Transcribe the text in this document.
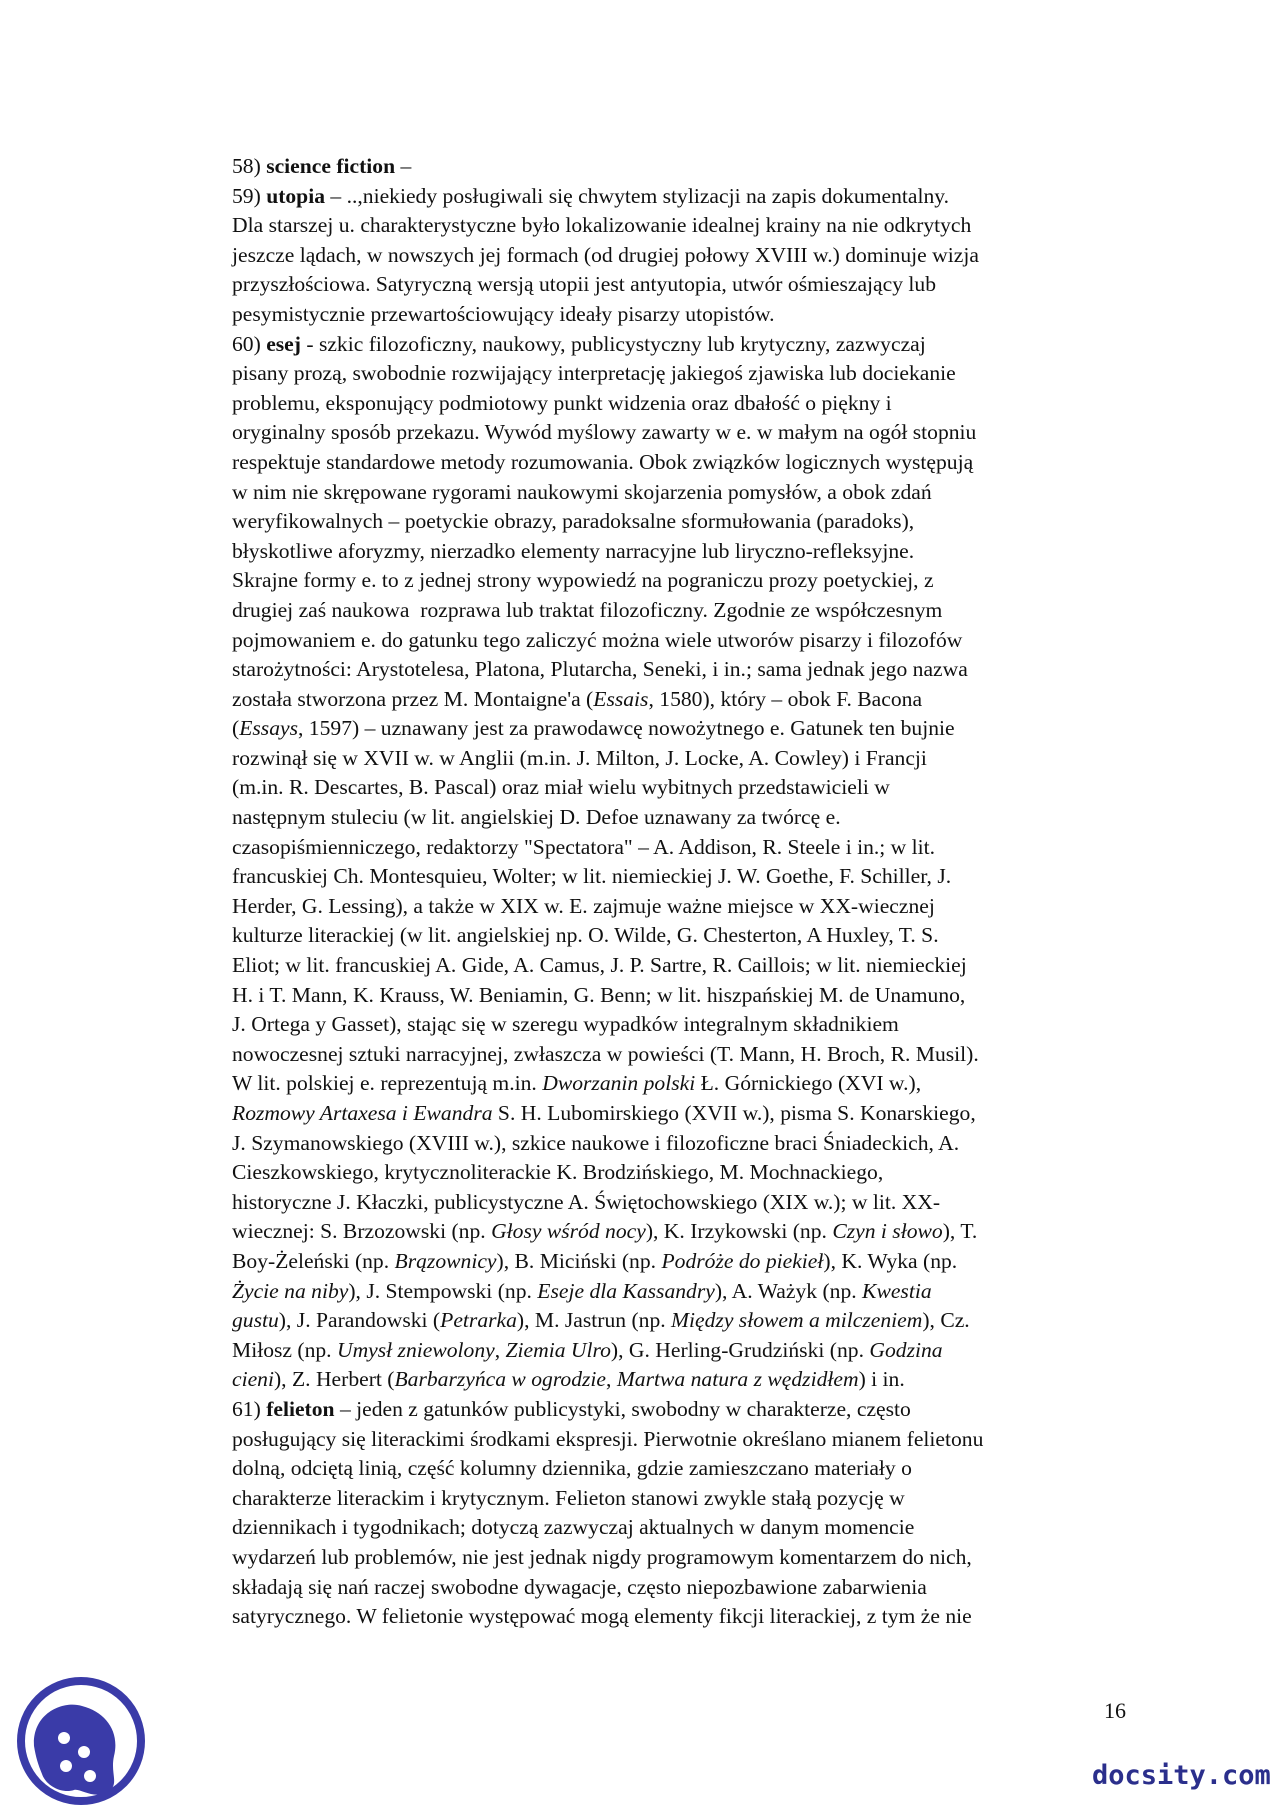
58) science fiction –
59) utopia – ..,niekiedy posługiwali się chwytem stylizacji na zapis dokumentalny.
Dla starszej u. charakterystyczne było lokalizowanie idealnej krainy na nie odkrytych
jeszcze lądach, w nowszych jej formach (od drugiej połowy XVIII w.) dominuje wizja
przyszłościowa. Satyryczną wersją utopii jest antyutopia, utwór ośmieszający lub
pesymistycznie przewartościowujący ideały pisarzy utopistów.
60) esej - szkic filozoficzny, naukowy, publicystyczny lub krytyczny, zazwyczaj
pisany prozą, swobodnie rozwijający interpretację jakiegoś zjawiska lub dociekanie
problemu, eksponujący podmiotowy punkt widzenia oraz dbałość o piękny i
oryginalny sposób przekazu. Wywód myślowy zawarty w e. w małym na ogół stopniu
respektuje standardowe metody rozumowania. Obok związków logicznych występują
w nim nie skrępowane rygorami naukowymi skojarzenia pomysłów, a obok zdań
weryfikowalnych – poetyckie obrazy, paradoksalne sformułowania (paradoks),
błyskotliwe aforyzmy, nierzadko elementy narracyjne lub liryczno-refleksyjne.
Skrajne formy e. to z jednej strony wypowiedź na pograniczu prozy poetyckiej, z
drugiej zaś naukowa  rozprawa lub traktat filozoficzny. Zgodnie ze współczesnym
pojmowaniem e. do gatunku tego zaliczyć można wiele utworów pisarzy i filozofów
starożytności: Arystotelesa, Platona, Plutarcha, Seneki, i in.; sama jednak jego nazwa
została stworzona przez M. Montaigne'a (Essais, 1580), który – obok F. Bacona
(Essays, 1597) – uznawany jest za prawodawcę nowożytnego e. Gatunek ten bujnie
rozwinął się w XVII w. w Anglii (m.in. J. Milton, J. Locke, A. Cowley) i Francji
(m.in. R. Descartes, B. Pascal) oraz miał wielu wybitnych przedstawicieli w
następnym stuleciu (w lit. angielskiej D. Defoe uznawany za twórcę e.
czasopiśmienniczego, redaktorzy "Spectatora" – A. Addison, R. Steele i in.; w lit.
francuskiej Ch. Montesquieu, Wolter; w lit. niemieckiej J. W. Goethe, F. Schiller, J.
Herder, G. Lessing), a także w XIX w. E. zajmuje ważne miejsce w XX-wiecznej
kulturze literackiej (w lit. angielskiej np. O. Wilde, G. Chesterton, A Huxley, T. S.
Eliot; w lit. francuskiej A. Gide, A. Camus, J. P. Sartre, R. Caillois; w lit. niemieckiej
H. i T. Mann, K. Krauss, W. Beniamin, G. Benn; w lit. hiszpańskiej M. de Unamuno,
J. Ortega y Gasset), stając się w szeregu wypadków integralnym składnikiem
nowoczesnej sztuki narracyjnej, zwłaszcza w powieści (T. Mann, H. Broch, R. Musil).
W lit. polskiej e. reprezentują m.in. Dworzanin polski Ł. Górnickiego (XVI w.),
Rozmowy Artaxesa i Ewandra S. H. Lubomirskiego (XVII w.), pisma S. Konarskiego,
J. Szymanowskiego (XVIII w.), szkice naukowe i filozoficzne braci Śniadeckich, A.
Cieszkowskiego, krytycznoliterackie K. Brodzińskiego, M. Mochnackiego,
historyczne J. Kłaczki, publicystyczne A. Świętochowskiego (XIX w.); w lit. XX-
wiecznej: S. Brzozowski (np. Głosy wśród nocy), K. Irzykowski (np. Czyn i słowo), T.
Boy-Żeleński (np. Brązownicy), B. Miciński (np. Podróże do piekieł), K. Wyka (np.
Życie na niby), J. Stempowski (np. Eseje dla Kassandry), A. Ważyk (np. Kwestia
gustu), J. Parandowski (Petrarka), M. Jastrun (np. Między słowem a milczeniem), Cz.
Miłosz (np. Umysł zniewolony, Ziemia Ulro), G. Herling-Grudziński (np. Godzina
cieni), Z. Herbert (Barbarzyńca w ogrodzie, Martwa natura z wędzidłem) i in.
61) felieton – jeden z gatunków publicystyki, swobodny w charakterze, często
posługujący się literackimi środkami ekspresji. Pierwotnie określano mianem felietonu
dolną, odciętą linią, część kolumny dziennika, gdzie zamieszczano materiały o
charakterze literackim i krytycznym. Felieton stanowi zwykle stałą pozycję w
dziennikach i tygodnikach; dotyczą zazwyczaj aktualnych w danym momencie
wydarzeń lub problemów, nie jest jednak nigdy programowym komentarzem do nich,
składają się nań raczej swobodne dywagacje, często niepozbawione zabarwienia
satyrycznego. W felietonie występować mogą elementy fikcji literackiej, z tym że nie
16
docsity.com
